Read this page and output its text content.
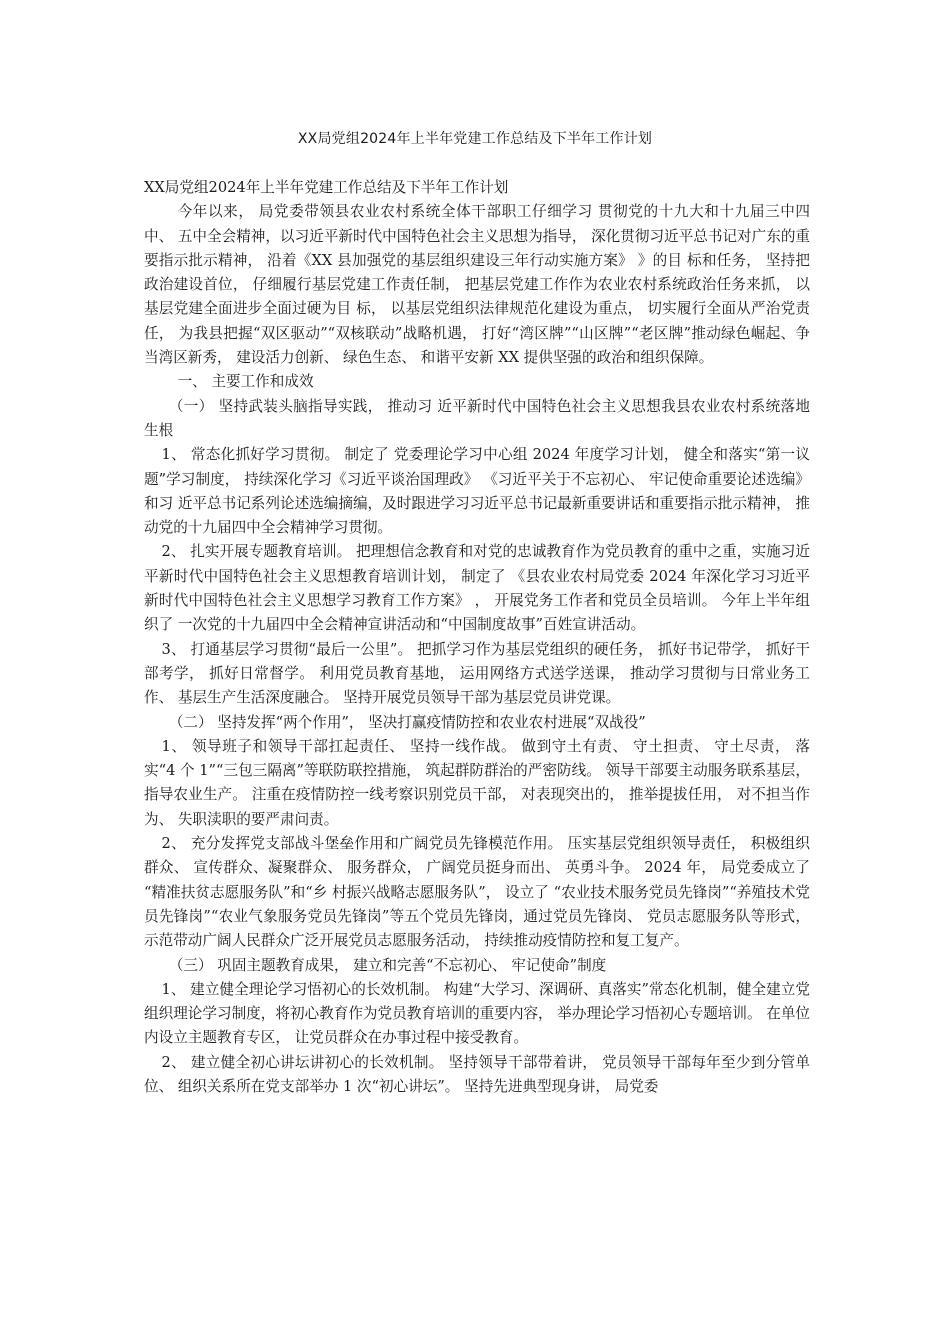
XX局党组2024年上半年党建工作总结及下半年工作计划

XX局党组2024年上半年党建工作总结及下半年工作计划

今年以来， 局党委带领县农业农村系统全体干部职工仔细学习 贯彻党的十九大和十九届三中四中、 五中全会精神，以习近平新时代中国特色社会主义思想为指导， 深化贯彻习近平总书记对广东的重要指示批示精神， 沿着《XX 县加强党的基层组织建设三年行动实施方案》 》的目 标和任务， 坚持把政治建设首位， 仔细履行基层党建工作责任制， 把基层党建工作作为农业农村系统政治任务来抓， 以基层党建全面进步全面过硬为目 标， 以基层党组织法律规范化建设为重点， 切实履行全面从严治党责任， 为我县把握“双区驱动”“双核联动”战略机遇， 打好“湾区牌”“山区牌”“老区牌”推动绿色崛起、争当湾区新秀， 建设活力创新、 绿色生态、 和谐平安新 XX 提供坚强的政治和组织保障。

一、 主要工作和成效

（一） 坚持武装头脑指导实践， 推动习 近平新时代中国特色社会主义思想我县农业农村系统落地生根

1、 常态化抓好学习贯彻。 制定了 党委理论学习中心组 2024 年度学习计划， 健全和落实“第一议题”学习制度， 持续深化学习《习近平谈治国理政》 《习近平关于不忘初心、 牢记使命重要论述选编》 和习 近平总书记系列论述选编摘编，及时跟进学习习近平总书记最新重要讲话和重要指示批示精神， 推动党的十九届四中全会精神学习贯彻。

2、 扎实开展专题教育培训。 把理想信念教育和对党的忠诚教育作为党员教育的重中之重，实施习近平新时代中国特色社会主义思想教育培训计划， 制定了 《县农业农村局党委 2024 年深化学习习近平新时代中国特色社会主义思想学习教育工作方案》 ， 开展党务工作者和党员全员培训。 今年上半年组织了 一次党的十九届四中全会精神宣讲活动和“中国制度故事”百姓宣讲活动。

3、 打通基层学习贯彻“最后一公里”。 把抓学习作为基层党组织的硬任务， 抓好书记带学， 抓好干部考学， 抓好日常督学。 利用党员教育基地， 运用网络方式送学送课， 推动学习贯彻与日常业务工作、 基层生产生活深度融合。 坚持开展党员领导干部为基层党员讲党课。

（二） 坚持发挥“两个作用”， 坚决打赢疫情防控和农业农村进展“双战役”

1、 领导班子和领导干部扛起责任、 坚持一线作战。 做到守土有责、 守土担责、 守土尽责， 落实“4 个 1”“三包三隔离”等联防联控措施， 筑起群防群治的严密防线。 领导干部要主动服务联系基层， 指导农业生产。 注重在疫情防控一线考察识别党员干部， 对表现突出的， 推举提拔任用， 对不担当作为、 失职渎职的要严肃问责。

2、 充分发挥党支部战斗堡垒作用和广阔党员先锋模范作用。 压实基层党组织领导责任， 积极组织群众、 宣传群众、凝聚群众、 服务群众， 广阔党员挺身而出、 英勇斗争。 2024 年， 局党委成立了 “精准扶贫志愿服务队”和“乡 村振兴战略志愿服务队”， 设立了 “农业技术服务党员先锋岗”“养殖技术党员先锋岗”“农业气象服务党员先锋岗”等五个党员先锋岗，通过党员先锋岗、 党员志愿服务队等形式， 示范带动广阔人民群众广泛开展党员志愿服务活动， 持续推动疫情防控和复工复产。

（三） 巩固主题教育成果， 建立和完善“不忘初心、 牢记使命”制度

1、 建立健全理论学习悟初心的长效机制。 构建“大学习、深调研、真落实”常态化机制，健全建立党组织理论学习制度，将初心教育作为党员教育培训的重要内容， 举办理论学习悟初心专题培训。 在单位内设立主题教育专区， 让党员群众在办事过程中接受教育。

2、 建立健全初心讲坛讲初心的长效机制。 坚持领导干部带着讲， 党员领导干部每年至少到分管单位、 组织关系所在党支部举办 1 次“初心讲坛”。 坚持先进典型现身讲， 局党委
